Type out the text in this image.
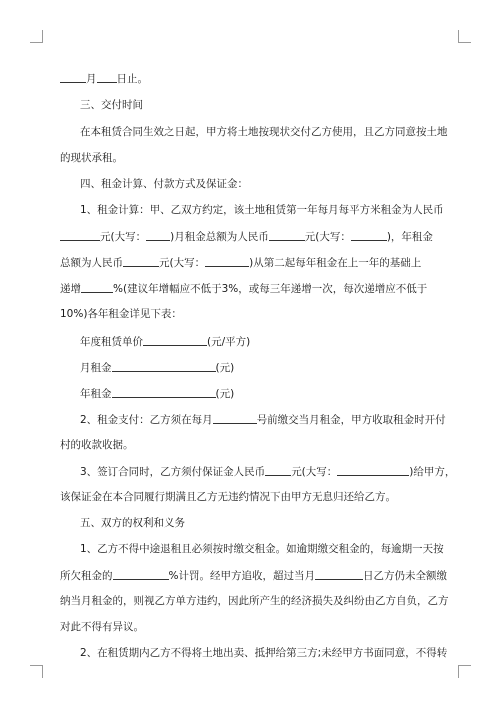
月 日止。
三、交付时间
在本租赁合同生效之日起，甲方将土地按现状交付乙方使用，且乙方同意按土地
的现状承租。
四、租金计算、付款方式及保证金：
1、租金计算：甲、乙双方约定，该土地租赁第一年每月每平方米租金为人民币
元(大写： )月租金总额为人民币	元(大写：	)，年租金
总额为人民币	元(大写：	)从第二起每年租金在上一年的基础上
递增	%(建议年增幅应不低于3%，或每三年递增一次，每次递增应不低于
10%)各年租金详见下表：
年度租赁单价	(元/平方)
月租金	(元)
年租金	(元)
2、租金支付：乙方须在每月	号前缴交当月租金，甲方收取租金时开付
村的收款收据。
3、签订合同时，乙方须付保证金人民币 元(大写：	)给甲方，
该保证金在本合同履行期满且乙方无违约情况下由甲方无息归还给乙方。
五、双方的权利和义务
1、乙方不得中途退租且必须按时缴交租金。如逾期缴交租金的，每逾期一天按
所欠租金的	%计罚。经甲方追收，超过当月	日乙方仍未全额缴
纳当月租金的，则视乙方单方违约，因此所产生的经济损失及纠纷由乙方自负，乙方
对此不得有异议。
2、在租赁期内乙方不得将土地出卖、抵押给第三方;未经甲方书面同意，不得转
